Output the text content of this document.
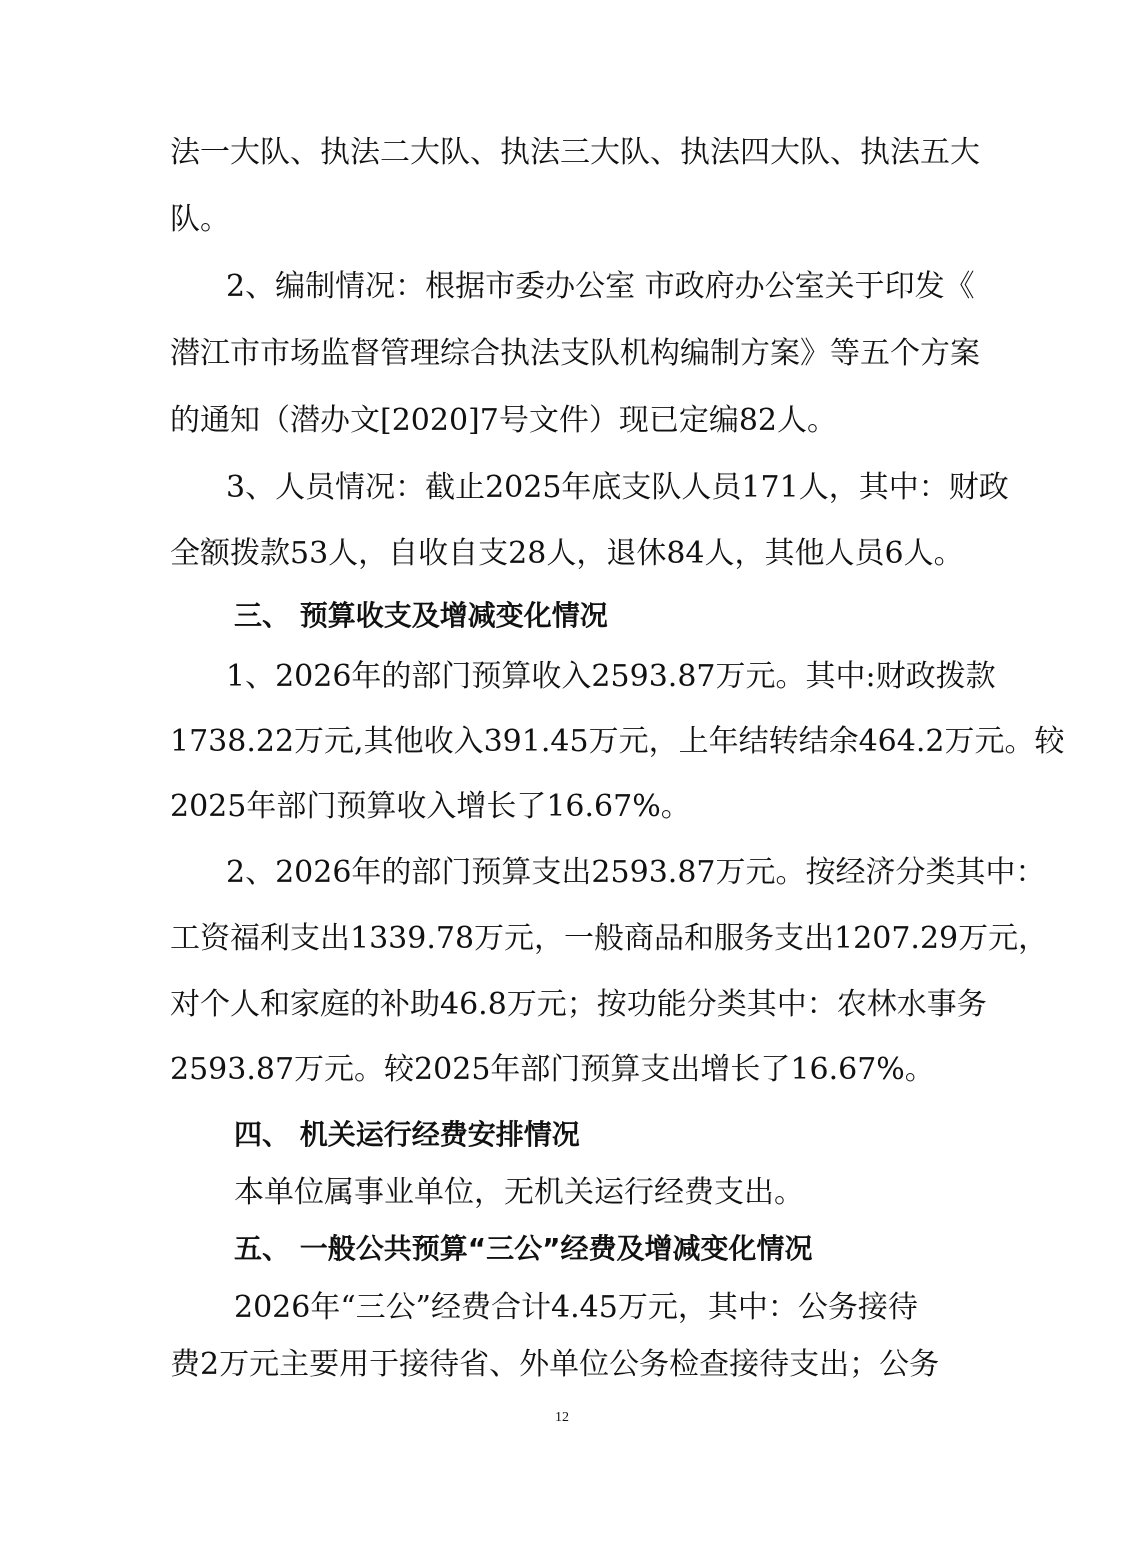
法一大队、执法二大队、执法三大队、执法四大队、执法五大

队。

2、编制情况：根据市委办公室 市政府办公室关于印发《

潜江市市场监督管理综合执法支队机构编制方案》等五个方案

的通知（潜办文[2020]7号文件）现已定编82人。

3、人员情况：截止2025年底支队人员171人，其中：财政

全额拨款53人，自收自支28人，退休84人，其他人员6人。

三、 预算收支及增减变化情况

1、2026年的部门预算收入2593.87万元。其中:财政拨款

1738.22万元,其他收入391.45万元，上年结转结余464.2万元。较

2025年部门预算收入增长了16.67%。

2、2026年的部门预算支出2593.87万元。按经济分类其中：

工资福利支出1339.78万元，一般商品和服务支出1207.29万元，

对个人和家庭的补助46.8万元；按功能分类其中：农林水事务

2593.87万元。较2025年部门预算支出增长了16.67%。

四、 机关运行经费安排情况

本单位属事业单位，无机关运行经费支出。

五、 一般公共预算“三公”经费及增减变化情况

2026年“三公”经费合计4.45万元，其中：公务接待

费2万元主要用于接待省、外单位公务检查接待支出；公务

12
